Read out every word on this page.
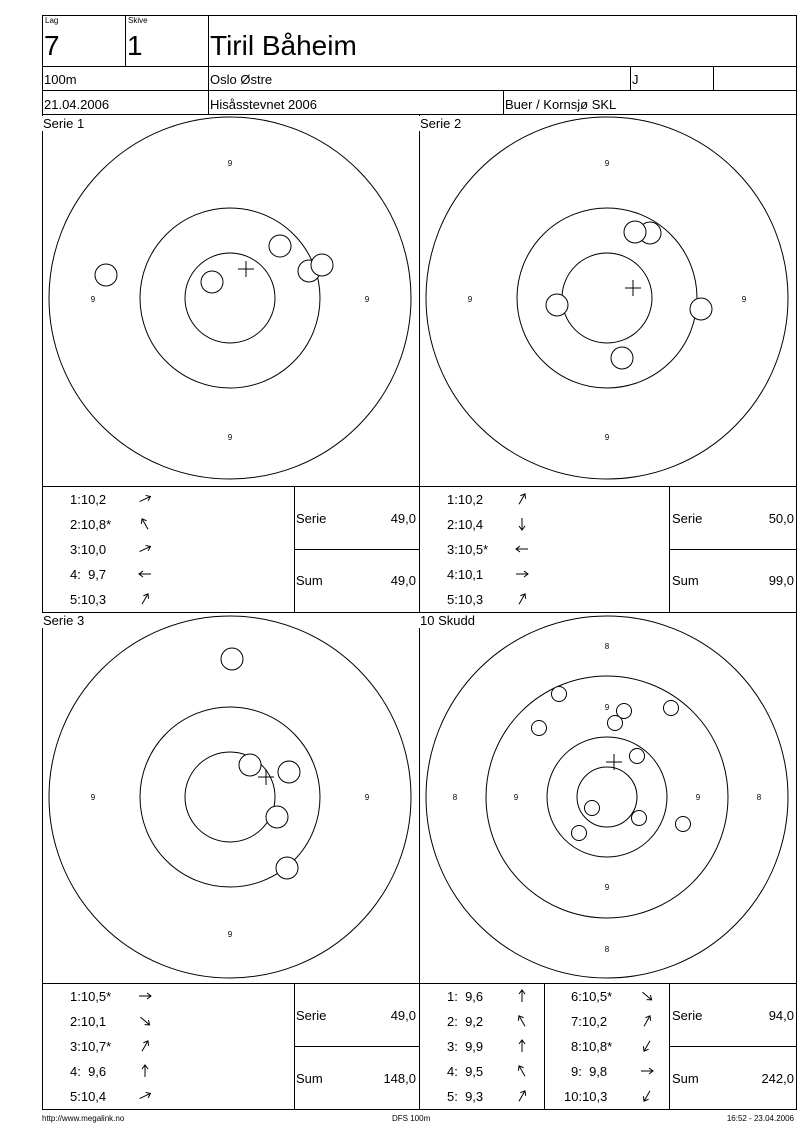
Lag
7
Skive
1 Tiril Båheim
100m	Oslo Østre	J
21.04.2006	Hisåsstevnet 2006	Buer / Kornsjø SKL
Serie 1	Serie 2
Serie 3	10 Skudd
9
9
9	9
9
9
9	9
9
9	9
8
8
8	8
9
9
9	9
1:10,2
2:10,8*
3:10,0
4:  9,7
5:10,3
Serie	49,0
Sum	49,0
1:10,2
2:10,4
3:10,5*
4:10,1
5:10,3
Serie	50,0
Sum	99,0
1:10,5*
2:10,1
3:10,7*
4:  9,6
5:10,4
Serie	49,0
Sum	148,0
1:  9,6
2:  9,2
3:  9,9
4:  9,5
5:  9,3
6:10,5*
7:10,2
8:10,8*
9:  9,8
10:10,3
Serie	94,0
Sum	242,0
http://www.megalink.no	DFS 100m	16:52 - 23.04.2006
